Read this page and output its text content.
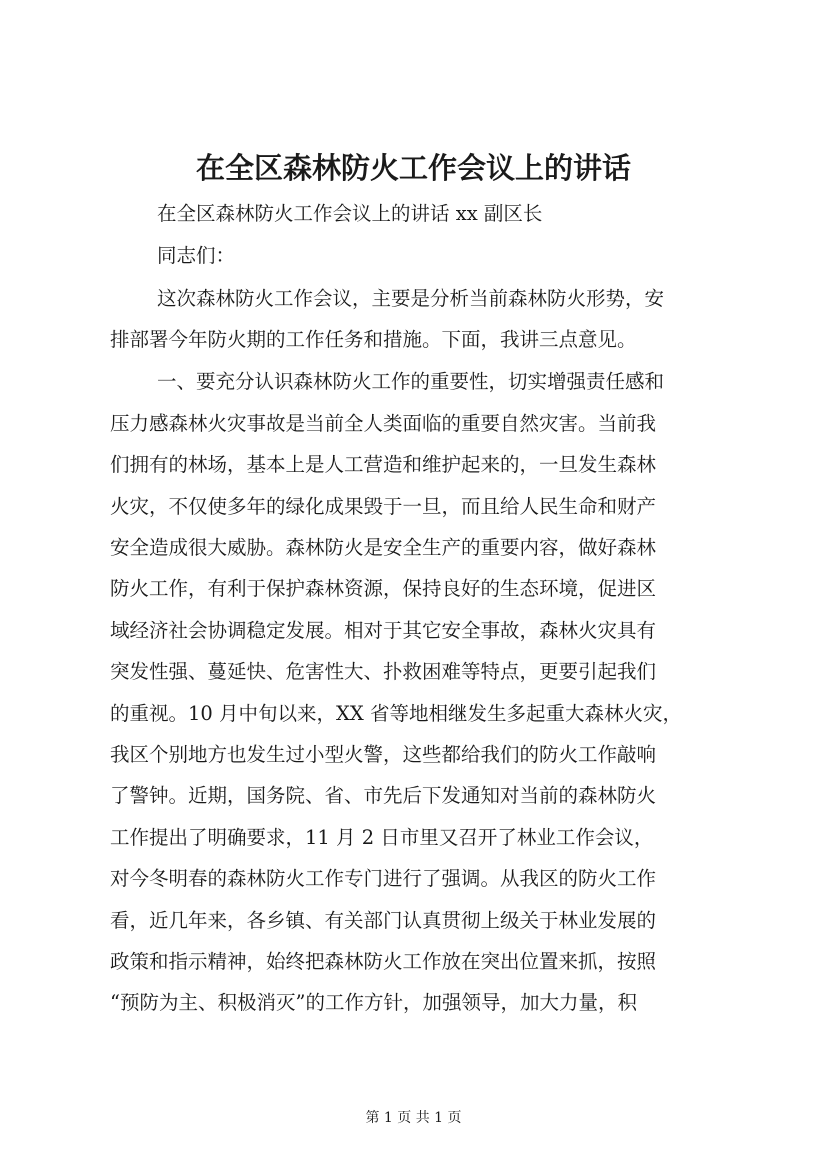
在全区森林防火工作会议上的讲话
在全区森林防火工作会议上的讲话 xx 副区长
同志们：
这次森林防火工作会议，主要是分析当前森林防火形势，安
排部署今年防火期的工作任务和措施。下面，我讲三点意见。
一、要充分认识森林防火工作的重要性，切实增强责任感和
压力感森林火灾事故是当前全人类面临的重要自然灾害。当前我
们拥有的林场，基本上是人工营造和维护起来的，一旦发生森林
火灾，不仅使多年的绿化成果毁于一旦，而且给人民生命和财产
安全造成很大威胁。森林防火是安全生产的重要内容，做好森林
防火工作，有利于保护森林资源，保持良好的生态环境，促进区
域经济社会协调稳定发展。相对于其它安全事故，森林火灾具有
突发性强、蔓延快、危害性大、扑救困难等特点，更要引起我们
的重视。10 月中旬以来，XX 省等地相继发生多起重大森林火灾，
我区个别地方也发生过小型火警，这些都给我们的防火工作敲响
了警钟。近期，国务院、省、市先后下发通知对当前的森林防火
工作提出了明确要求，11 月 2 日市里又召开了林业工作会议，
对今冬明春的森林防火工作专门进行了强调。从我区的防火工作
看，近几年来，各乡镇、有关部门认真贯彻上级关于林业发展的
政策和指示精神，始终把森林防火工作放在突出位置来抓，按照
“预防为主、积极消灭”的工作方针，加强领导，加大力量，积
第 1 页 共 1 页
